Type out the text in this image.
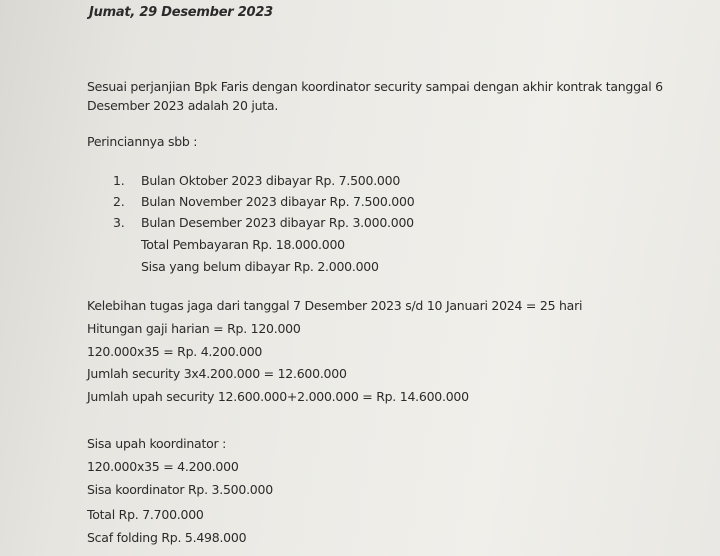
Jumat, 29 Desember 2023
Sesuai perjanjian Bpk Faris dengan koordinator security sampai dengan akhir kontrak tanggal 6
Desember 2023 adalah 20 juta.
Perinciannya sbb :
1. Bulan Oktober 2023 dibayar Rp. 7.500.000
2. Bulan November 2023 dibayar Rp. 7.500.000
3. Bulan Desember 2023 dibayar Rp. 3.000.000
Total Pembayaran Rp. 18.000.000
Sisa yang belum dibayar Rp. 2.000.000
Kelebihan tugas jaga dari tanggal 7 Desember 2023 s/d 10 Januari 2024 = 25 hari
Hitungan gaji harian = Rp. 120.000
120.000x35 = Rp. 4.200.000
Jumlah security 3x4.200.000 = 12.600.000
Jumlah upah security 12.600.000+2.000.000 = Rp. 14.600.000
Sisa upah koordinator :
120.000x35 = 4.200.000
Sisa koordinator Rp. 3.500.000
Total Rp. 7.700.000
Scaf folding Rp. 5.498.000
